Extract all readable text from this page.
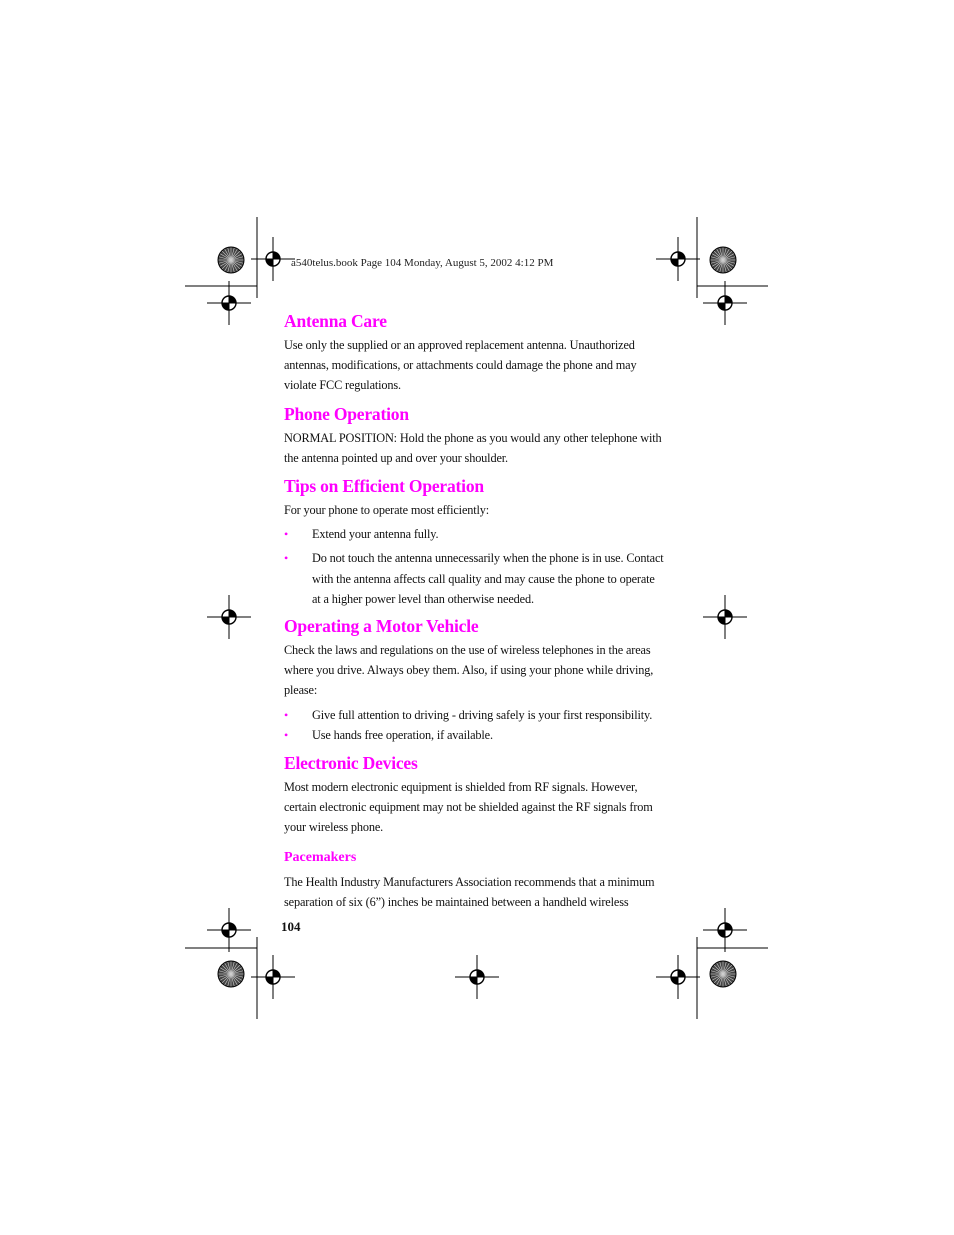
a540telus.book Page 104 Monday, August 5, 2002 4:12 PM
Antenna Care

Use only the supplied or an approved replacement antenna. Unauthorized antennas, modifications, or attachments could damage the phone and may violate FCC regulations.

Phone Operation

NORMAL POSITION: Hold the phone as you would any other telephone with the antenna pointed up and over your shoulder.

Tips on Efficient Operation

For your phone to operate most efficiently:

• Extend your antenna fully.
• Do not touch the antenna unnecessarily when the phone is in use. Contact with the antenna affects call quality and may cause the phone to operate at a higher power level than otherwise needed.
Operating a Motor Vehicle

Check the laws and regulations on the use of wireless telephones in the areas where you drive. Always obey them. Also, if using your phone while driving, please:

• Give full attention to driving - driving safely is your first responsibility.
• Use hands free operation, if available.
Electronic Devices

Most modern electronic equipment is shielded from RF signals. However, certain electronic equipment may not be shielded against the RF signals from your wireless phone.

Pacemakers

The Health Industry Manufacturers Association recommends that a minimum separation of six (6”) inches be maintained between a handheld wireless

104
